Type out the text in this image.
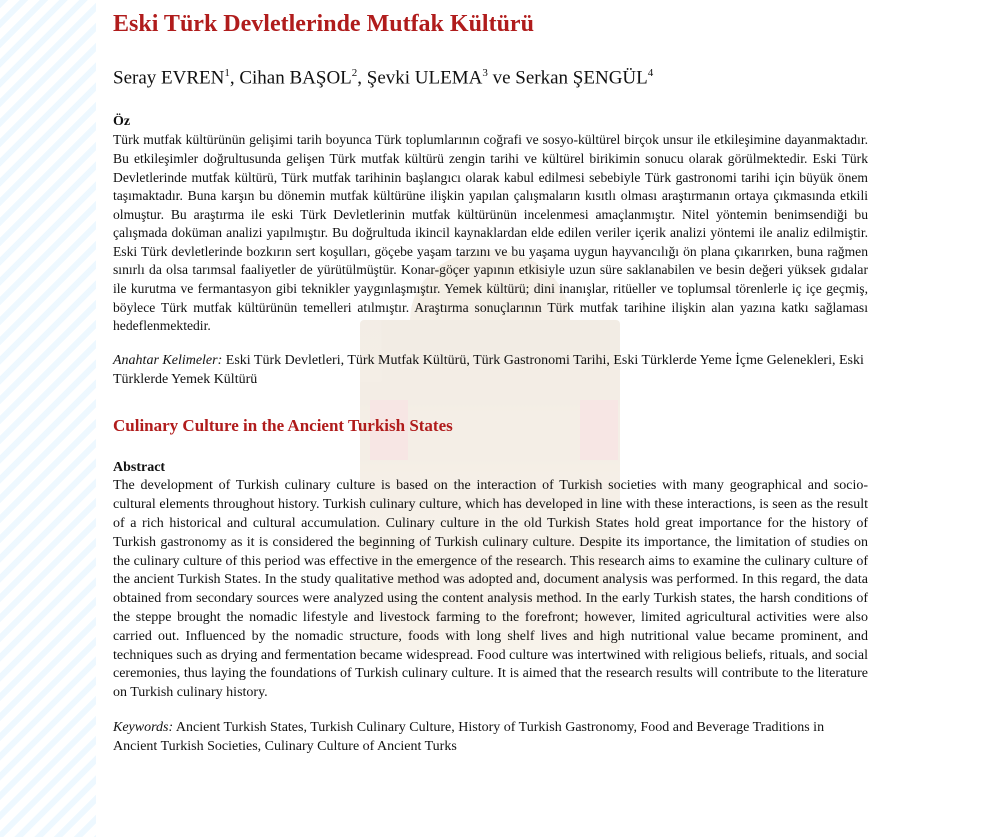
Eski Türk Devletlerinde Mutfak Kültürü
Seray EVREN$^1$, Cihan BAŞOL$^2$, Şevki ULEMA$^3$ ve Serkan ŞENGÜL$^4$
Öz

Türk mutfak kültürünün gelişimi tarih boyunca Türk toplumlarının coğrafi ve sosyo-kültürel birçok unsur ile etkileşimine dayanmaktadır. Bu etkileşimler doğrultusunda gelişen Türk mutfak kültürü zengin tarihi ve kültürel birikimin sonucu olarak görülmektedir. Eski Türk Devletlerinde mutfak kültürü, Türk mutfak tarihinin başlangıcı olarak kabul edilmesi sebebiyle Türk gastronomi tarihi için büyük önem taşımaktadır. Buna karşın bu dönemin mutfak kültürüne ilişkin yapılan çalışmaların kısıtlı olması araştırmanın ortaya çıkmasında etkili olmuştur. Bu araştırma ile eski Türk Devletlerinin mutfak kültürünün incelenmesi amaçlanmıştır. Nitel yöntemin benimsendiği bu çalışmada doküman analizi yapılmıştır. Bu doğrultuda ikincil kaynaklardan elde edilen veriler içerik analizi yöntemi ile analiz edilmiştir. Eski Türk devletlerinde bozkırın sert koşulları, göçebe yaşam tarzını ve bu yaşama uygun hayvancılığı ön plana çıkarırken, buna rağmen sınırlı da olsa tarımsal faaliyetler de yürütülmüştür. Konar-göçer yapının etkisiyle uzun süre saklanabilen ve besin değeri yüksek gıdalar ile kurutma ve fermantasyon gibi teknikler yaygınlaşmıştır. Yemek kültürü; dini inanışlar, ritüeller ve toplumsal törenlerle iç içe geçmiş, böylece Türk mutfak kültürünün temelleri atılmıştır. Araştırma sonuçlarının Türk mutfak tarihine ilişkin alan yazına katkı sağlaması hedeflenmektedir.

Anahtar Kelimeler: Eski Türk Devletleri, Türk Mutfak Kültürü, Türk Gastronomi Tarihi, Eski Türklerde Yeme İçme Gelenekleri, Eski Türklerde Yemek Kültürü
Culinary Culture in the Ancient Turkish States
Abstract

The development of Turkish culinary culture is based on the interaction of Turkish societies with many geographical and socio-cultural elements throughout history. Turkish culinary culture, which has developed in line with these interactions, is seen as the result of a rich historical and cultural accumulation. Culinary culture in the old Turkish States hold great importance for the history of Turkish gastronomy as it is considered the beginning of Turkish culinary culture. Despite its importance, the limitation of studies on the culinary culture of this period was effective in the emergence of the research. This research aims to examine the culinary culture of the ancient Turkish States. In the study qualitative method was adopted and, document analysis was performed. In this regard, the data obtained from secondary sources were analyzed using the content analysis method. In the early Turkish states, the harsh conditions of the steppe brought the nomadic lifestyle and livestock farming to the forefront; however, limited agricultural activities were also carried out. Influenced by the nomadic structure, foods with long shelf lives and high nutritional value became prominent, and techniques such as drying and fermentation became widespread. Food culture was intertwined with religious beliefs, rituals, and social ceremonies, thus laying the foundations of Turkish culinary culture. It is aimed that the research results will contribute to the literature on Turkish culinary history.

Keywords: Ancient Turkish States, Turkish Culinary Culture, History of Turkish Gastronomy, Food and Beverage Traditions in Ancient Turkish Societies, Culinary Culture of Ancient Turks
